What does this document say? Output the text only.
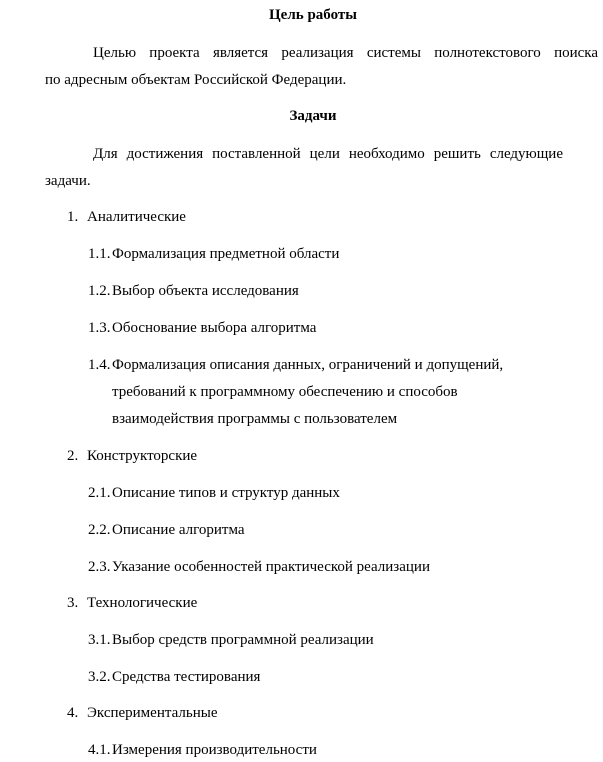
Цель работы
Целью проекта является реализация системы полнотекстового поиска
по адресным объектам Российской Федерации.
Задачи
Для достижения поставленной цели необходимо решить следующие
задачи.
1. Аналитические
1.1. Формализация предметной области
1.2. Выбор объекта исследования
1.3. Обоснование выбора алгоритма
1.4. Формализация описания данных, ограничений и допущений,
требований к программному обеспечению и способов
взаимодействия программы с пользователем
2. Конструкторские
2.1. Описание типов и структур данных
2.2. Описание алгоритма
2.3. Указание особенностей практической реализации
3. Технологические
3.1. Выбор средств программной реализации
3.2. Средства тестирования
4. Экспериментальные
4.1. Измерения производительности
